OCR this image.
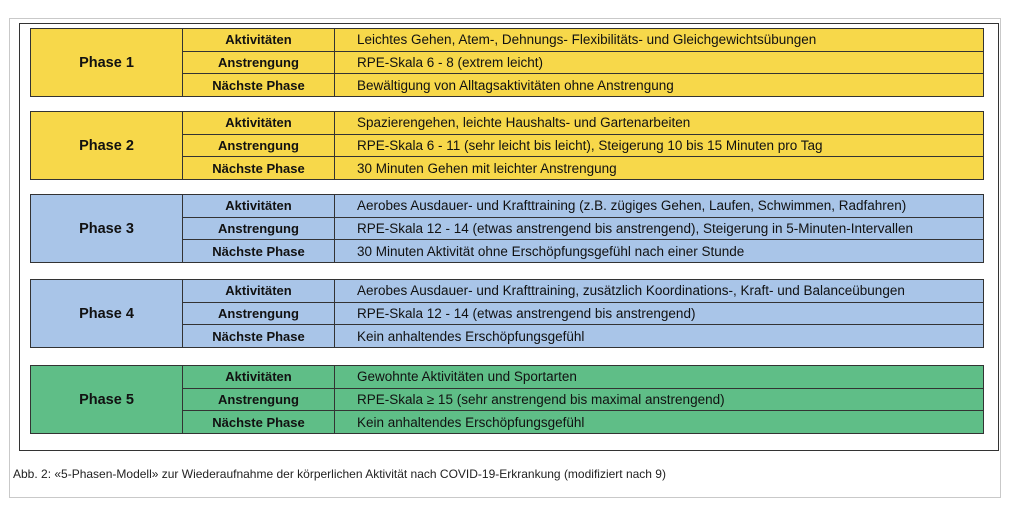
Phase 1
Aktivitäten	Leichtes Gehen, Atem-, Dehnungs- Flexibilitäts- und Gleichgewichtsübungen
Anstrengung	RPE-Skala 6 - 8 (extrem leicht)
Nächste Phase	Bewältigung von Alltagsaktivitäten ohne Anstrengung
Phase 2
Aktivitäten	Spazierengehen, leichte Haushalts- und Gartenarbeiten
Anstrengung	RPE-Skala 6 - 11 (sehr leicht bis leicht), Steigerung 10 bis 15 Minuten pro Tag
Nächste Phase	30 Minuten Gehen mit leichter Anstrengung
Phase 3
Aktivitäten	Aerobes Ausdauer- und Krafttraining (z.B. zügiges Gehen, Laufen, Schwimmen, Radfahren)
Anstrengung	RPE-Skala 12 - 14 (etwas anstrengend bis anstrengend), Steigerung in 5-Minuten-Intervallen
Nächste Phase	30 Minuten Aktivität ohne Erschöpfungsgefühl nach einer Stunde
Phase 4
Aktivitäten	Aerobes Ausdauer- und Krafttraining, zusätzlich Koordinations-, Kraft- und Balanceübungen
Anstrengung	RPE-Skala 12 - 14 (etwas anstrengend bis anstrengend)
Nächste Phase	Kein anhaltendes Erschöpfungsgefühl
Phase 5
Aktivitäten	Gewohnte Aktivitäten und Sportarten
Anstrengung	RPE-Skala ≥ 15 (sehr anstrengend bis maximal anstrengend)
Nächste Phase	Kein anhaltendes Erschöpfungsgefühl
Abb. 2: «5-Phasen-Modell» zur Wiederaufnahme der körperlichen Aktivität nach COVID-19-Erkrankung (modifiziert nach 9)
